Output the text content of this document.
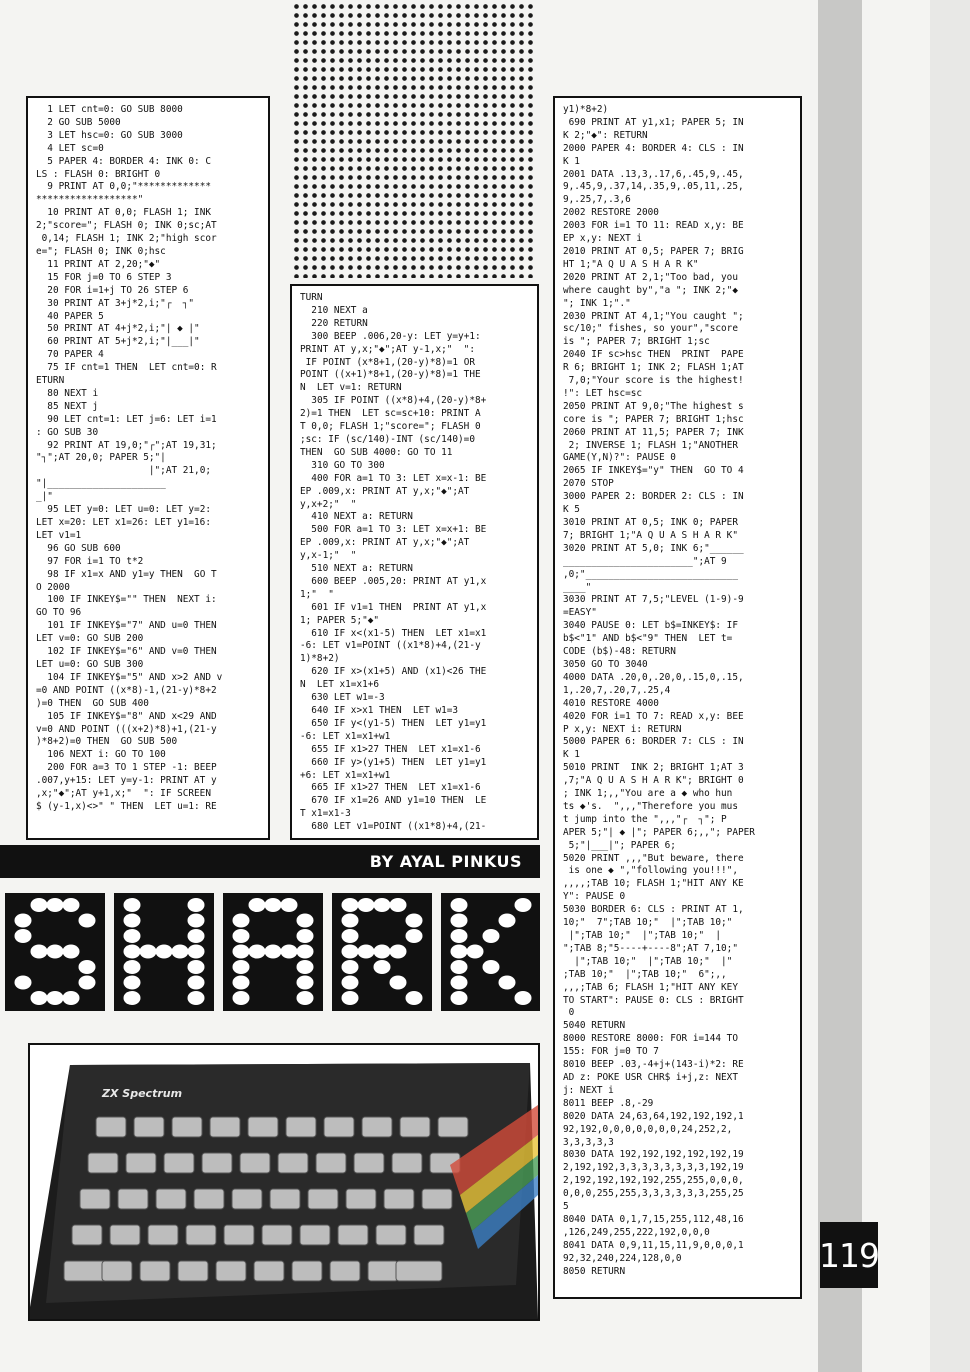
1 LET cnt=0: GO SUB 8000
2 GO SUB 5000
3 LET hsc=0: GO SUB 3000
4 LET sc=0
5 PAPER 4: BORDER 4: INK 0: C
LS : FLASH 0: BRIGHT 0
9 PRINT AT 0,0;"*************
******************"
10 PRINT AT 0,0; FLASH 1; INK
2;"score="; FLASH 0; INK 0;sc;AT
0,14; FLASH 1; INK 2;"high scor
e="; FLASH 0; INK 0;hsc
11 PRINT AT 2,20;"◆"
15 FOR j=0 TO 6 STEP 3
20 FOR i=1+j TO 26 STEP 6
30 PRINT AT 3+j*2,i;"┌  ┐"
40 PAPER 5
50 PRINT AT 4+j*2,i;"| ◆ |"
60 PRINT AT 5+j*2,i;"|___|"
70 PAPER 4
75 IF cnt=1 THEN  LET cnt=0: R
ETURN
80 NEXT i
85 NEXT j
90 LET cnt=1: LET j=6: LET i=1
: GO SUB 30
92 PRINT AT 19,0;"┌";AT 19,31;
"┐";AT 20,0; PAPER 5;"|
|";AT 21,0;
"|_____________________
_|"
95 LET y=0: LET u=0: LET y=2:
LET x=20: LET x1=26: LET y1=16:
LET v1=1
96 GO SUB 600
97 FOR i=1 TO t*2
98 IF x1=x AND y1=y THEN  GO T
O 2000
100 IF INKEY$="" THEN  NEXT i:
GO TO 96
101 IF INKEY$="7" AND u=0 THEN
LET v=0: GO SUB 200
102 IF INKEY$="6" AND v=0 THEN
LET u=0: GO SUB 300
104 IF INKEY$="5" AND x>2 AND v
=0 AND POINT ((x*8)-1,(21-y)*8+2
)=0 THEN  GO SUB 400
105 IF INKEY$="8" AND x<29 AND
v=0 AND POINT (((x+2)*8)+1,(21-y
)*8+2)=0 THEN  GO SUB 500
106 NEXT i: GO TO 100
200 FOR a=3 TO 1 STEP -1: BEEP
.007,y+15: LET y=y-1: PRINT AT y
,x;"◆";AT y+1,x;"  ": IF SCREEN
$ (y-1,x)<>" " THEN  LET u=1: RE
TURN
210 NEXT a
220 RETURN
300 BEEP .006,20-y: LET y=y+1:
PRINT AT y,x;"◆";AT y-1,x;"  ":
IF POINT (x*8+1,(20-y)*8)=1 OR
POINT ((x+1)*8+1,(20-y)*8)=1 THE
N  LET v=1: RETURN
305 IF POINT ((x*8)+4,(20-y)*8+
2)=1 THEN  LET sc=sc+10: PRINT A
T 0,0; FLASH 1;"score="; FLASH 0
;sc: IF (sc/140)-INT (sc/140)=0
THEN  GO SUB 4000: GO TO 11
310 GO TO 300
400 FOR a=1 TO 3: LET x=x-1: BE
EP .009,x: PRINT AT y,x;"◆";AT
y,x+2;"  "
410 NEXT a: RETURN
500 FOR a=1 TO 3: LET x=x+1: BE
EP .009,x: PRINT AT y,x;"◆";AT
y,x-1;"  "
510 NEXT a: RETURN
600 BEEP .005,20: PRINT AT y1,x
1;"  "
601 IF v1=1 THEN  PRINT AT y1,x
1; PAPER 5;"◆"
610 IF x<(x1-5) THEN  LET x1=x1
-6: LET v1=POINT ((x1*8)+4,(21-y
1)*8+2)
620 IF x>(x1+5) AND (x1)<26 THE
N  LET x1=x1+6
630 LET w1=-3
640 IF x>x1 THEN  LET w1=3
650 IF y<(y1-5) THEN  LET y1=y1
-6: LET x1=x1+w1
655 IF x1>27 THEN  LET x1=x1-6
660 IF y>(y1+5) THEN  LET y1=y1
+6: LET x1=x1+w1
665 IF x1>27 THEN  LET x1=x1-6
670 IF x1=26 AND y1=10 THEN  LE
T x1=x1-3
680 LET v1=POINT ((x1*8)+4,(21-
y1)*8+2)
690 PRINT AT y1,x1; PAPER 5; IN
K 2;"◆": RETURN
2000 PAPER 4: BORDER 4: CLS : IN
K 1
2001 DATA .13,3,.17,6,.45,9,.45,
9,.45,9,.37,14,.35,9,.05,11,.25,
9,.25,7,.3,6
2002 RESTORE 2000
2003 FOR i=1 TO 11: READ x,y: BE
EP x,y: NEXT i
2010 PRINT AT 0,5; PAPER 7; BRIG
HT 1;"A Q U A S H A R K"
2020 PRINT AT 2,1;"Too bad, you
where caught by","a "; INK 2;"◆
"; INK 1;"."
2030 PRINT AT 4,1;"You caught ";
sc/10;" fishes, so your","score
is "; PAPER 7; BRIGHT 1;sc
2040 IF sc>hsc THEN  PRINT  PAPE
R 6; BRIGHT 1; INK 2; FLASH 1;AT
7,0;"Your score is the highest!
!": LET hsc=sc
2050 PRINT AT 9,0;"The highest s
core is "; PAPER 7; BRIGHT 1;hsc
2060 PRINT AT 11,5; PAPER 7; INK
2; INVERSE 1; FLASH 1;"ANOTHER
GAME(Y,N)?": PAUSE 0
2065 IF INKEY$="y" THEN  GO TO 4
2070 STOP
3000 PAPER 2: BORDER 2: CLS : IN
K 5
3010 PRINT AT 0,5; INK 0; PAPER
7; BRIGHT 1;"A Q U A S H A R K"
3020 PRINT AT 5,0; INK 6;"______
_______________________";AT 9
,0;"___________________________
____"
3030 PRINT AT 7,5;"LEVEL (1-9)-9
=EASY"
3040 PAUSE 0: LET b$=INKEY$: IF
b$<"1" AND b$<"9" THEN  LET t=
CODE (b$)-48: RETURN
3050 GO TO 3040
4000 DATA .20,0,.20,0,.15,0,.15,
1,.20,7,.20,7,.25,4
4010 RESTORE 4000
4020 FOR i=1 TO 7: READ x,y: BEE
P x,y: NEXT i: RETURN
5000 PAPER 6: BORDER 7: CLS : IN
K 1
5010 PRINT  INK 2; BRIGHT 1;AT 3
,7;"A Q U A S H A R K"; BRIGHT 0
; INK 1;,,"You are a ◆ who hun
ts ◆'s.  ",,,"Therefore you mus
t jump into the ",,,"┌  ┐"; P
APER 5;"| ◆ |"; PAPER 6;,,"; PAPER
5;"|___|"; PAPER 6;
5020 PRINT ,,,"But beware, there
is one ◆ ","following you!!!",
,,,,;TAB 10; FLASH 1;"HIT ANY KE
Y": PAUSE 0
5030 BORDER 6: CLS : PRINT AT 1,
10;"  7";TAB 10;"  |";TAB 10;"
|";TAB 10;"  |";TAB 10;"  |
";TAB 8;"5----+----8";AT 7,10;"
|";TAB 10;"  |";TAB 10;"  |"
;TAB 10;"  |";TAB 10;"  6";,,
,,,;TAB 6; FLASH 1;"HIT ANY KEY
TO START": PAUSE 0: CLS : BRIGHT
0
5040 RETURN
8000 RESTORE 8000: FOR i=144 TO
155: FOR j=0 TO 7
8010 BEEP .03,-4+j+(143-i)*2: RE
AD z: POKE USR CHR$ i+j,z: NEXT
j: NEXT i
8011 BEEP .8,-29
8020 DATA 24,63,64,192,192,192,1
92,192,0,0,0,0,0,0,0,24,252,2,
3,3,3,3,3
8030 DATA 192,192,192,192,192,19
2,192,192,3,3,3,3,3,3,3,3,192,19
2,192,192,192,192,255,255,0,0,0,
0,0,0,255,255,3,3,3,3,3,3,255,25
5
8040 DATA 0,1,7,15,255,112,48,16
,126,249,255,222,192,0,0,0
8041 DATA 0,9,11,15,11,9,0,0,0,1
92,32,240,224,128,0,0
8050 RETURN
BY AYAL PINKUS
ZX Spectrum
119
